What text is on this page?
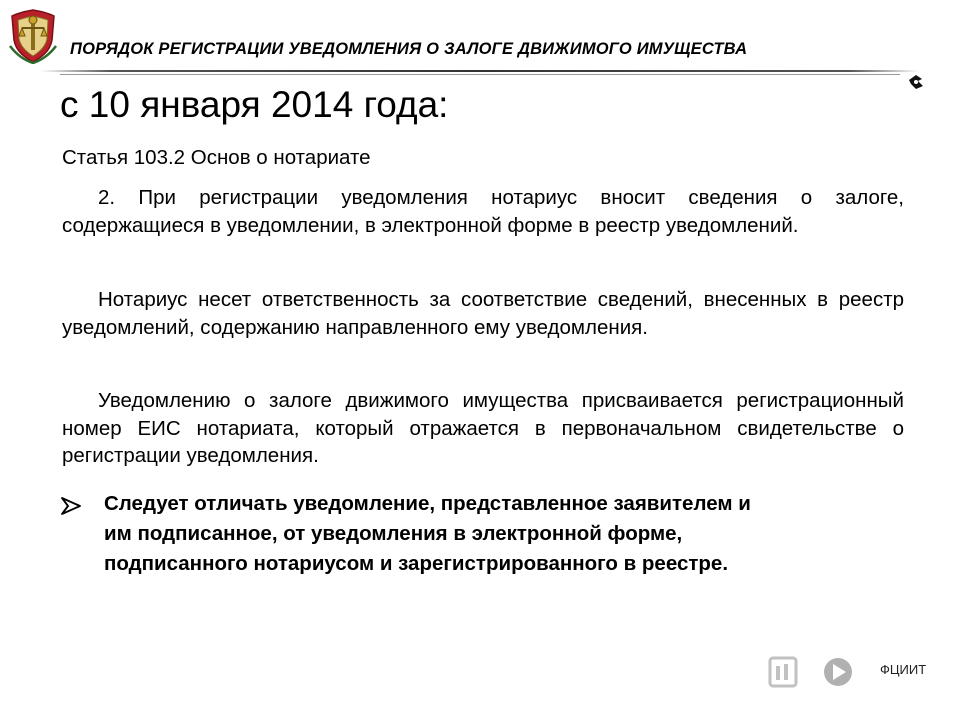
ПОРЯДОК РЕГИСТРАЦИИ УВЕДОМЛЕНИЯ О ЗАЛОГЕ ДВИЖИМОГО ИМУЩЕСТВА
с 10 января 2014 года:
Статья 103.2 Основ о нотариате

2. При регистрации уведомления нотариус вносит сведения о залоге, содержащиеся в уведомлении, в электронной форме в реестр уведомлений.

Нотариус несет ответственность за соответствие сведений, внесенных в реестр уведомлений, содержанию направленного ему уведомления.

Уведомлению о залоге движимого имущества присваивается регистрационный номер ЕИС нотариата, который отражается в первоначальном свидетельстве о регистрации уведомления.

Следует отличать уведомление, представленное заявителем и им подписанное, от уведомления в электронной форме, подписанного нотариусом и зарегистрированного в реестре.

ФЦИИТ
